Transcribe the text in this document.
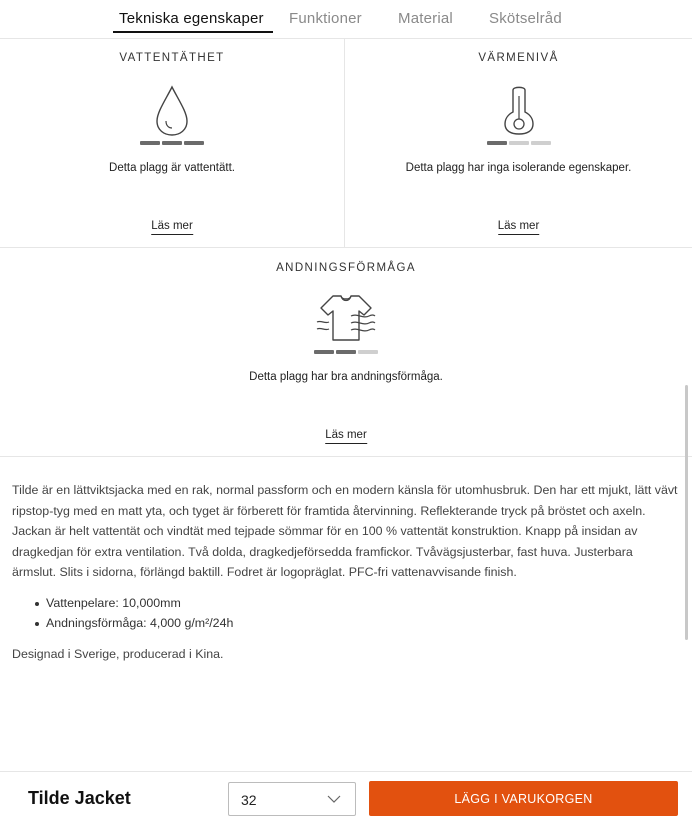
Tekniska egenskaper Funktioner Material Skötselråd
VATTENTÄTHET
Detta plagg är vattentätt.
Läs mer
VÄRMENIVÅ
Detta plagg har inga isolerande egenskaper.
Läs mer
ANDNINGSFÖRMÅGA
Detta plagg har bra andningsförmåga.
Läs mer

Tilde är en lättviktsjacka med en rak, normal passform och en modern känsla för utomhusbruk. Den har ett mjukt, lätt vävt ripstop-tyg med en matt yta, och tyget är förberett för framtida återvinning. Reflekterande tryck på bröstet och axeln. Jackan är helt vattentät och vindtät med tejpade sömmar för en 100 % vattentät konstruktion. Knapp på insidan av dragkedjan för extra ventilation. Två dolda, dragkedjeförsedda framfickor. Tvåvägsjusterbar, fast huva. Justerbara ärmslut. Slits i sidorna, förlängd baktill. Fodret är logopräglat. PFC-fri vattenavvisande finish.

Vattenpelare: 10,000mm
Andningsförmåga: 4,000 g/m²/24h

Designad i Sverige, producerad i Kina.

Tilde Jacket	32	LÄGG I VARUKORGEN
